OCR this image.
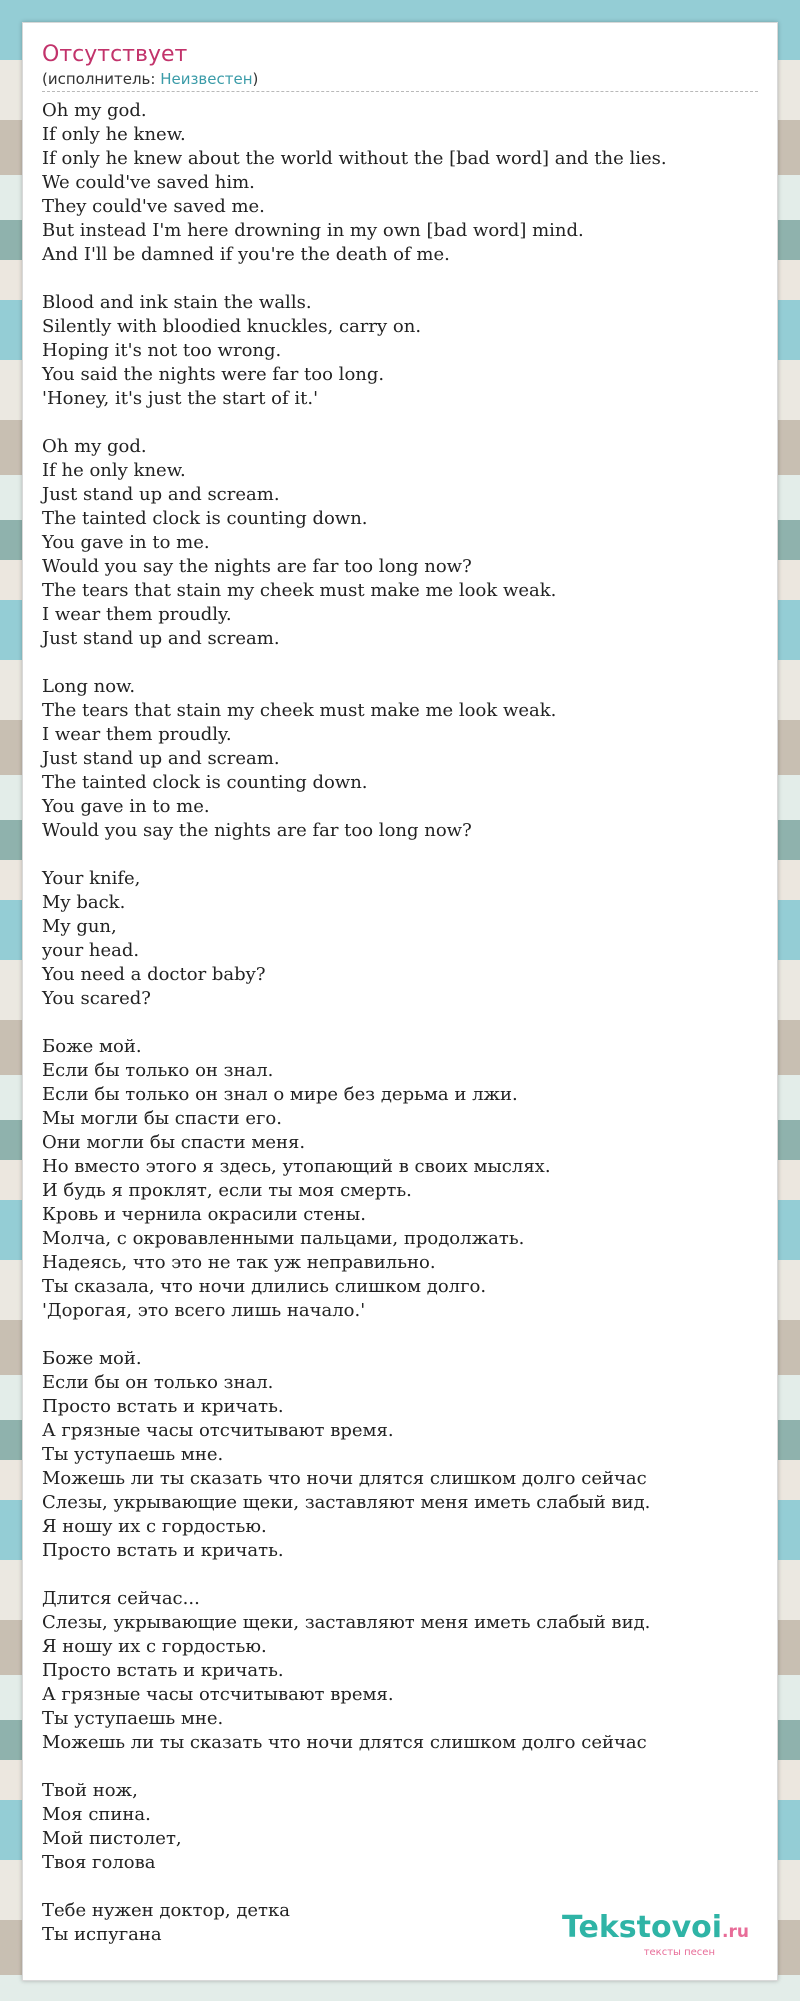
Отсутствует
(исполнитель: Неизвестен)
Oh my god.
If only he knew.
If only he knew about the world without the [bad word] and the lies.
We could've saved him.
They could've saved me.
But instead I'm here drowning in my own [bad word] mind.
And I'll be damned if you're the death of me.

Blood and ink stain the walls.
Silently with bloodied knuckles, carry on.
Hoping it's not too wrong.
You said the nights were far too long.
'Honey, it's just the start of it.'

Oh my god.
If he only knew.
Just stand up and scream.
The tainted clock is counting down.
You gave in to me.
Would you say the nights are far too long now?
The tears that stain my cheek must make me look weak.
I wear them proudly.
Just stand up and scream.

Long now.
The tears that stain my cheek must make me look weak.
I wear them proudly.
Just stand up and scream.
The tainted clock is counting down.
You gave in to me.
Would you say the nights are far too long now?

Your knife,
My back.
My gun,
your head.
You need a doctor baby?
You scared?

Боже мой.
Если бы только он знал.
Если бы только он знал о мире без дерьма и лжи.
Мы могли бы спасти его.
Они могли бы спасти меня.
Но вместо этого я здесь, утопающий в своих мыслях.
И будь я проклят, если ты моя смерть.
Кровь и чернила окрасили стены.
Молча, с окровавленными пальцами, продолжать.
Надеясь, что это не так уж неправильно.
Ты сказала, что ночи длились слишком долго.
'Дорогая, это всего лишь начало.'

Боже мой.
Если бы он только знал.
Просто встать и кричать.
А грязные часы отсчитывают время.
Ты уступаешь мне.
Можешь ли ты сказать что ночи длятся слишком долго сейчас
Слезы, укрывающие щеки, заставляют меня иметь слабый вид.
Я ношу их с гордостью.
Просто встать и кричать.

Длится сейчас...
Слезы, укрывающие щеки, заставляют меня иметь слабый вид.
Я ношу их с гордостью.
Просто встать и кричать.
А грязные часы отсчитывают время.
Ты уступаешь мне.
Можешь ли ты сказать что ночи длятся слишком долго сейчас

Твой нож,
Моя спина.
Мой пистолет,
Твоя голова

Тебе нужен доктор, детка
Ты испугана	Tekstovoi.ru
тексты песен
